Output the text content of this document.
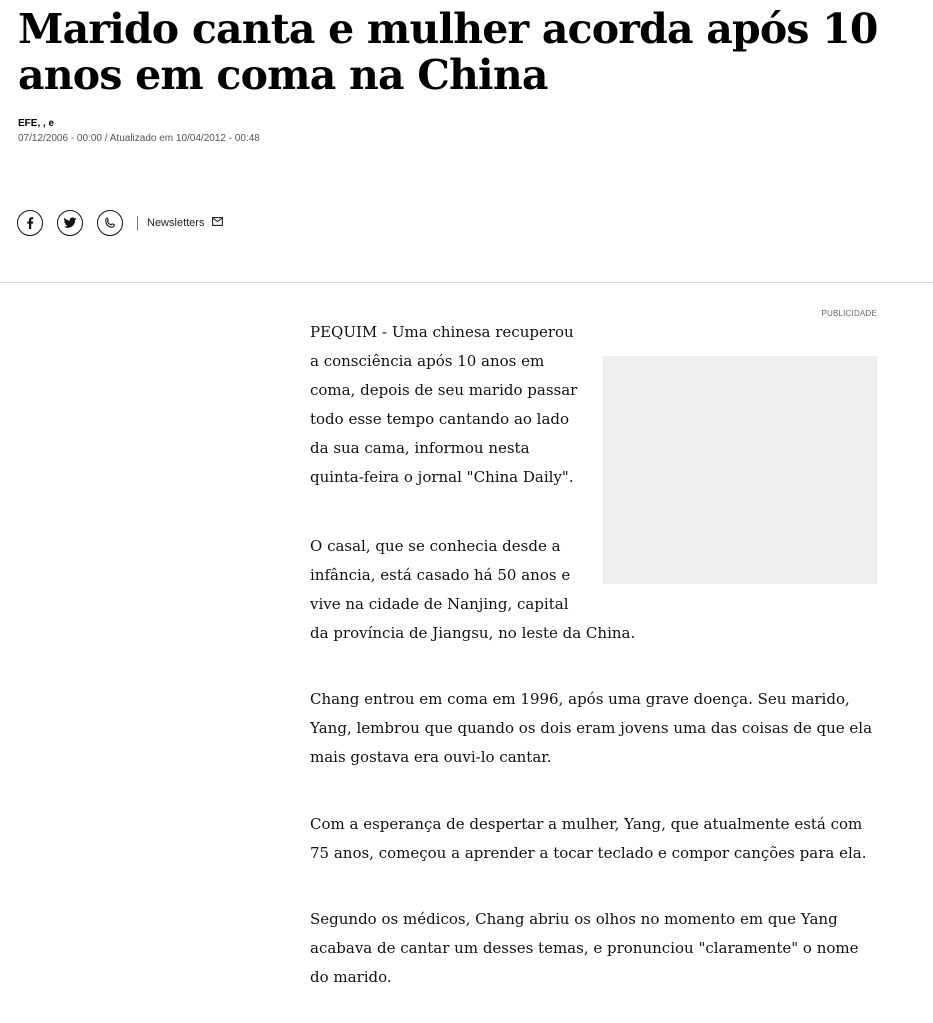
Marido canta e mulher acorda após 10 anos em coma na China
EFE, , e
07/12/2006 - 00:00 / Atualizado em 10/04/2012 - 00:48
Newsletters
PUBLICIDADE

PEQUIM - Uma chinesa recuperou a consciência após 10 anos em coma, depois de seu marido passar todo esse tempo cantando ao lado da sua cama, informou nesta quinta-feira o jornal "China Daily".

O casal, que se conhecia desde a
infância, está casado há 50 anos e
vive na cidade de Nanjing, capital
da província de Jiangsu, no leste da China.

Chang entrou em coma em 1996, após uma grave doença. Seu marido, Yang, lembrou que quando os dois eram jovens uma das coisas de que ela mais gostava era ouvi-lo cantar.

Com a esperança de despertar a mulher, Yang, que atualmente está com 75 anos, começou a aprender a tocar teclado e compor canções para ela.

Segundo os médicos, Chang abriu os olhos no momento em que Yang acabava de cantar um desses temas, e pronunciou "claramente" o nome do marido.
